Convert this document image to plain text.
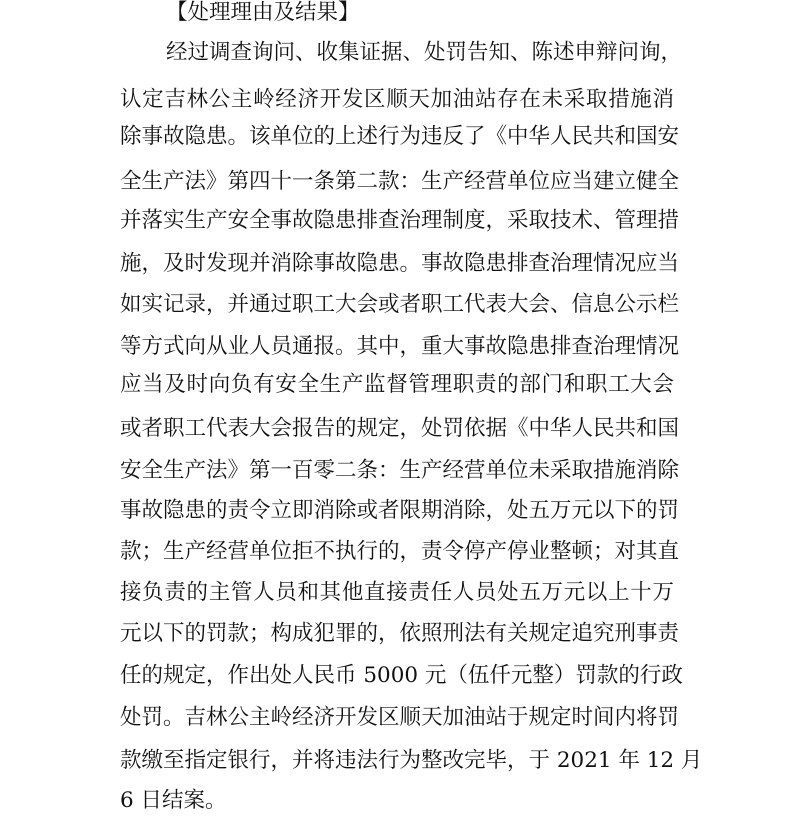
【处理理由及结果】
经过调查询问、收集证据、处罚告知、陈述申辩问询，
认定吉林公主岭经济开发区顺天加油站存在未采取措施消
除事故隐患。该单位的上述行为违反了《中华人民共和国安
全生产法》第四十一条第二款：生产经营单位应当建立健全
并落实生产安全事故隐患排查治理制度，采取技术、管理措
施，及时发现并消除事故隐患。事故隐患排查治理情况应当
如实记录，并通过职工大会或者职工代表大会、信息公示栏
等方式向从业人员通报。其中，重大事故隐患排查治理情况
应当及时向负有安全生产监督管理职责的部门和职工大会
或者职工代表大会报告的规定，处罚依据《中华人民共和国
安全生产法》第一百零二条：生产经营单位未采取措施消除
事故隐患的责令立即消除或者限期消除，处五万元以下的罚
款；生产经营单位拒不执行的，责令停产停业整顿；对其直
接负责的主管人员和其他直接责任人员处五万元以上十万
元以下的罚款；构成犯罪的，依照刑法有关规定追究刑事责
任的规定，作出处人民币 5000 元（伍仟元整）罚款的行政
处罚。吉林公主岭经济开发区顺天加油站于规定时间内将罚
款缴至指定银行，并将违法行为整改完毕，于 2021 年 12 月
6 日结案。
